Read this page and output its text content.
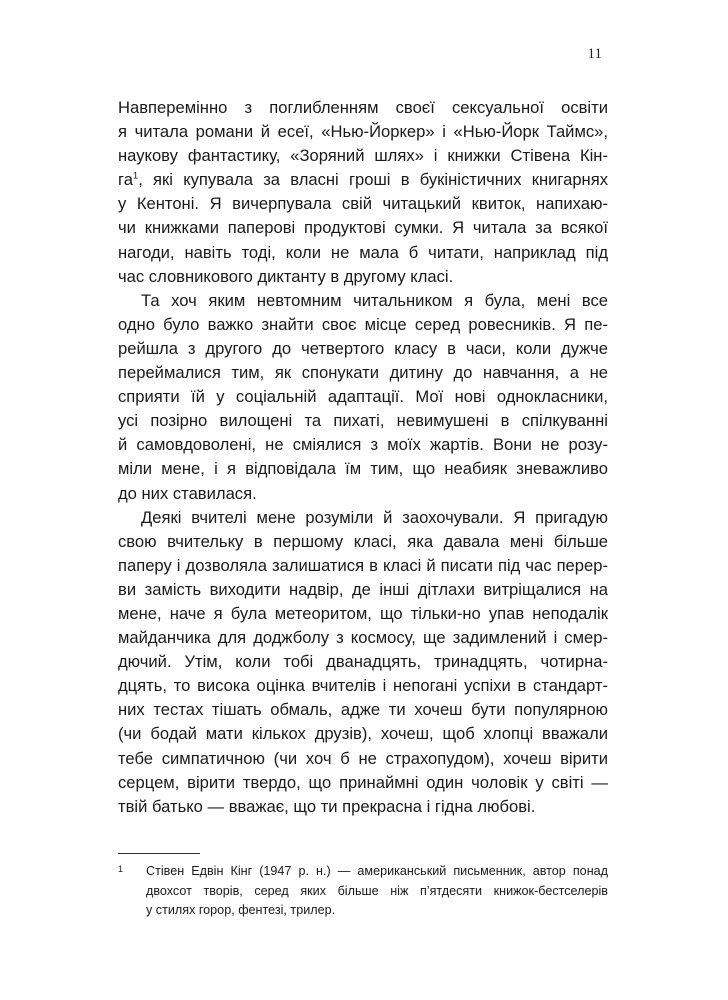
11
Навперемінно з поглибленням своєї сексуальної освіти
я читала романи й есеї, «Нью-Йоркер» і «Нью-Йорк Таймс»,
наукову фантастику, «Зоряний шлях» і книжки Стівена Кін-
га$^1$, які купувала за власні гроші в букіністичних книгарнях
у Кентоні. Я вичерпувала свій читацький квиток, напихаю-
чи книжками паперові продуктові сумки. Я читала за всякої
нагоди, навіть тоді, коли не мала б читати, наприклад під
час словникового диктанту в другому класі.
Та хоч яким невтомним читальником я була, мені все
одно було важко знайти своє місце серед ровесників. Я пе-
рейшла з другого до четвертого класу в часи, коли дужче
переймалися тим, як спонукати дитину до навчання, а не
сприяти їй у соціальній адаптації. Мої нові однокласники,
усі позірно вилощені та пихаті, невимушені в спілкуванні
й самовдоволені, не сміялися з моїх жартів. Вони не розу-
міли мене, і я відповідала їм тим, що неабияк зневажливо
до них ставилася.
Деякі вчителі мене розуміли й заохочували. Я пригадую
свою вчительку в першому класі, яка давала мені більше
паперу і дозволяла залишатися в класі й писати під час перер-
ви замість виходити надвір, де інші дітлахи витріщалися на
мене, наче я була метеоритом, що тільки-но упав неподалік
майданчика для доджболу з космосу, ще задимлений і смер-
дючий. Утім, коли тобі дванадцять, тринадцять, чотирна-
дцять, то висока оцінка вчителів і непогані успіхи в стандарт-
них тестах тішать обмаль, адже ти хочеш бути популярною
(чи бодай мати кількох друзів), хочеш, щоб хлопці вважали
тебе симпатичною (чи хоч б не страхопудом), хочеш вірити
серцем, вірити твердо, що принаймні один чоловік у світі —
твій батько — вважає, що ти прекрасна і гідна любові.
1	Стівен Едвін Кінг (1947 р. н.) — американський письменник, автор понад
двохсот творів, серед яких більше ніж п’ятдесяти книжок-бестселерів
у стилях горор, фентезі, трилер.
